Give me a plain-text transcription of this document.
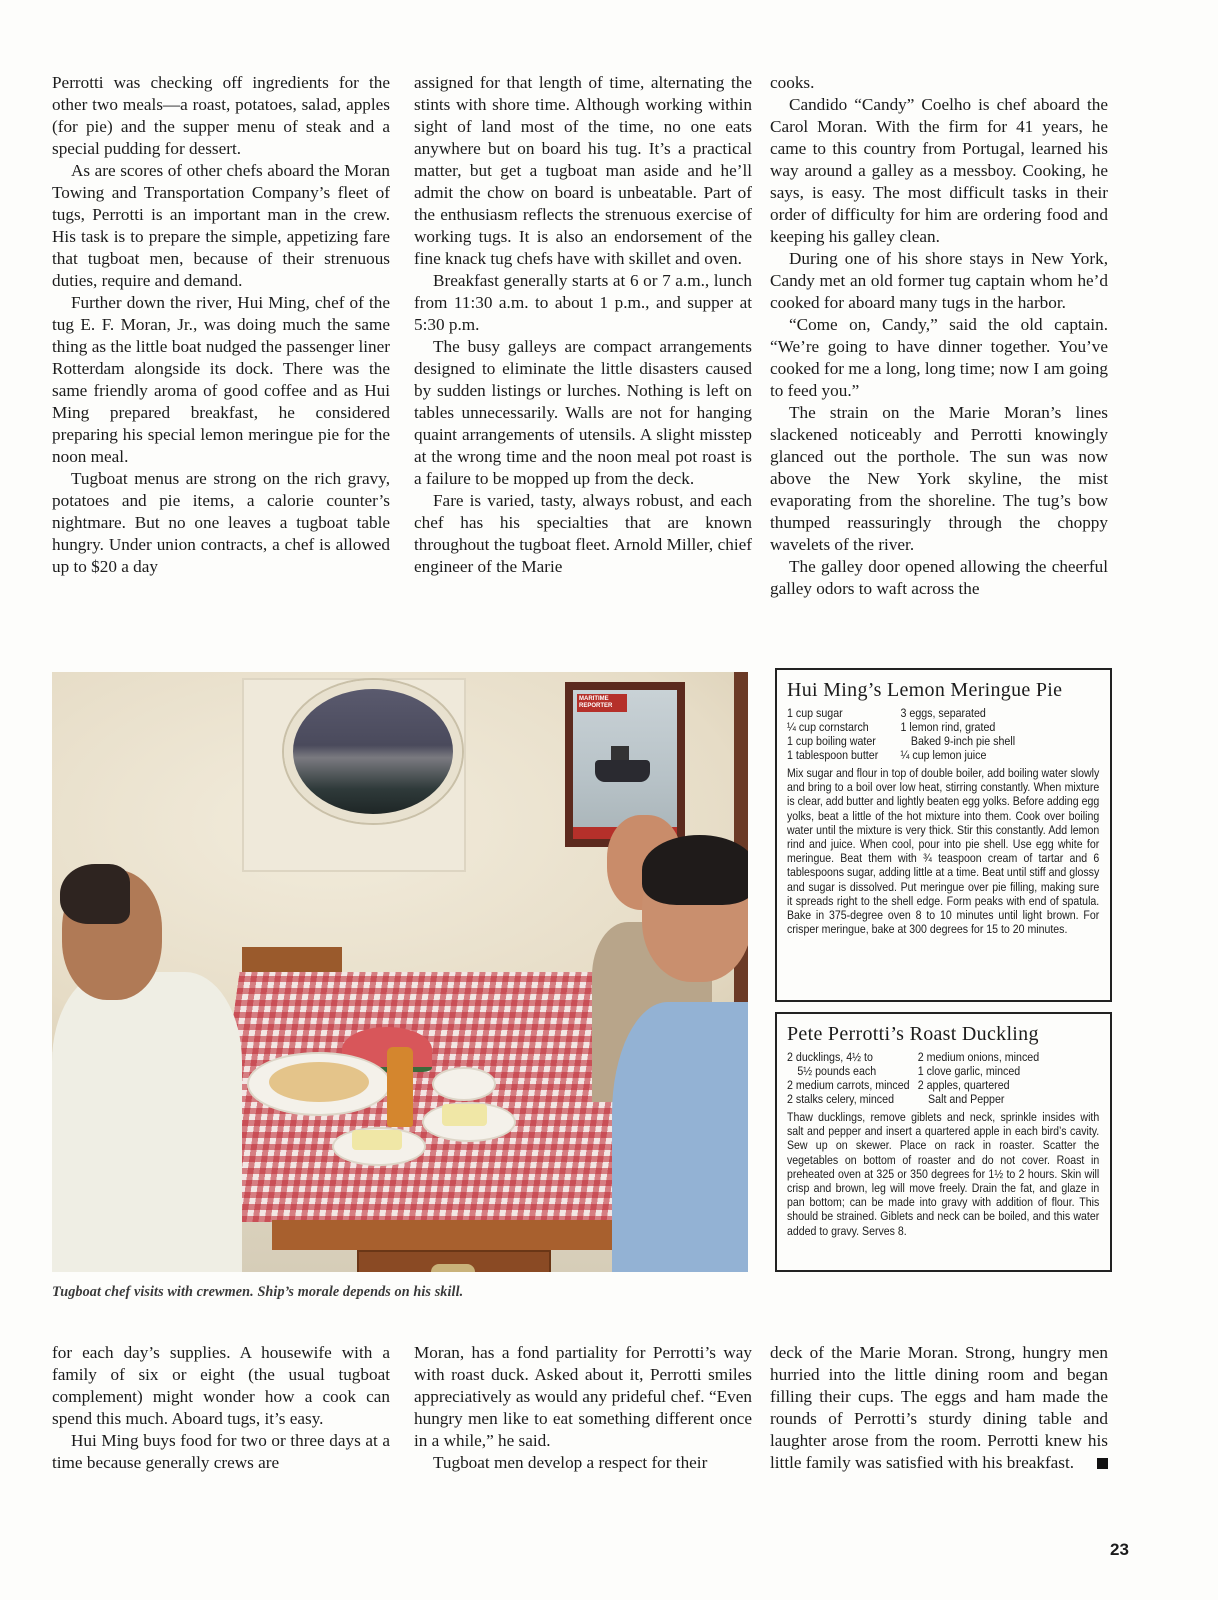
Perrotti was checking off ingredients for the other two meals—a roast, potatoes, salad, apples (for pie) and the supper menu of steak and a special pudding for dessert.

As are scores of other chefs aboard the Moran Towing and Transportation Company’s fleet of tugs, Perrotti is an important man in the crew. His task is to prepare the simple, appetizing fare that tugboat men, because of their strenuous duties, require and demand.

Further down the river, Hui Ming, chef of the tug E. F. Moran, Jr., was doing much the same thing as the little boat nudged the passenger liner Rotterdam alongside its dock. There was the same friendly aroma of good coffee and as Hui Ming prepared breakfast, he considered preparing his special lemon meringue pie for the noon meal.

Tugboat menus are strong on the rich gravy, potatoes and pie items, a calorie counter’s nightmare. But no one leaves a tugboat table hungry. Under union contracts, a chef is allowed up to $20 a day

assigned for that length of time, alternating the stints with shore time. Although working within sight of land most of the time, no one eats anywhere but on board his tug. It’s a practical matter, but get a tugboat man aside and he’ll admit the chow on board is unbeatable. Part of the enthusiasm reflects the strenuous exercise of working tugs. It is also an endorsement of the fine knack tug chefs have with skillet and oven.

Breakfast generally starts at 6 or 7 a.m., lunch from 11:30 a.m. to about 1 p.m., and supper at 5:30 p.m.

The busy galleys are compact arrangements designed to eliminate the little disasters caused by sudden listings or lurches. Nothing is left on tables unnecessarily. Walls are not for hanging quaint arrangements of utensils. A slight misstep at the wrong time and the noon meal pot roast is a failure to be mopped up from the deck.

Fare is varied, tasty, always robust, and each chef has his specialties that are known throughout the tugboat fleet. Arnold Miller, chief engineer of the Marie

cooks.

Candido “Candy” Coelho is chef aboard the Carol Moran. With the firm for 41 years, he came to this country from Portugal, learned his way around a galley as a messboy. Cooking, he says, is easy. The most difficult tasks in their order of difficulty for him are ordering food and keeping his galley clean.

During one of his shore stays in New York, Candy met an old former tug captain whom he’d cooked for aboard many tugs in the harbor.

“Come on, Candy,” said the old captain. “We’re going to have dinner together. You’ve cooked for me a long, long time; now I am going to feed you.”

The strain on the Marie Moran’s lines slackened noticeably and Perrotti knowingly glanced out the porthole. The sun was now above the New York skyline, the mist evaporating from the shoreline. The tug’s bow thumped reassuringly through the choppy wavelets of the river.

The galley door opened allowing the cheerful galley odors to waft across the

MARITIME REPORTER
Tugboat chef visits with crewmen. Ship’s morale depends on his skill.
Hui Ming’s Lemon Meringue Pie
1 cup sugar	3 eggs, separated
¼ cup cornstarch	1 lemon rind, grated
1 cup boiling water	Baked 9-inch pie shell
1 tablespoon butter	¼ cup lemon juice
Mix sugar and flour in top of double boiler, add boiling water slowly and bring to a boil over low heat, stirring constantly. When mixture is clear, add butter and lightly beaten egg yolks. Before adding egg yolks, beat a little of the hot mixture into them. Cook over boiling water until the mixture is very thick. Stir this constantly. Add lemon rind and juice. When cool, pour into pie shell. Use egg white for meringue. Beat them with ¾ teaspoon cream of tartar and 6 tablespoons sugar, adding little at a time. Beat until stiff and glossy and sugar is dissolved. Put meringue over pie filling, making sure it spreads right to the shell edge. Form peaks with end of spatula. Bake in 375-degree oven 8 to 10 minutes until light brown. For crisper meringue, bake at 300 degrees for 15 to 20 minutes.
Pete Perrotti’s Roast Duckling
2 ducklings, 4½ to	2 medium onions, minced
5½ pounds each	1 clove garlic, minced
2 medium carrots, minced 2 apples, quartered
2 stalks celery, minced	Salt and Pepper
Thaw ducklings, remove giblets and neck, sprinkle insides with salt and pepper and insert a quartered apple in each bird’s cavity. Sew up on skewer. Place on rack in roaster. Scatter the vegetables on bottom of roaster and do not cover. Roast in preheated oven at 325 or 350 degrees for 1½ to 2 hours. Skin will crisp and brown, leg will move freely. Drain the fat, and glaze in pan bottom; can be made into gravy with addition of flour. This should be strained. Giblets and neck can be boiled, and this water added to gravy. Serves 8.

for each day’s supplies. A housewife with a family of six or eight (the usual tugboat complement) might wonder how a cook can spend this much. Aboard tugs, it’s easy.

Hui Ming buys food for two or three days at a time because generally crews are

Moran, has a fond partiality for Perrotti’s way with roast duck. Asked about it, Perrotti smiles appreciatively as would any prideful chef. “Even hungry men like to eat something different once in a while,” he said.

Tugboat men develop a respect for their

deck of the Marie Moran. Strong, hungry men hurried into the little dining room and began filling their cups. The eggs and ham made the rounds of Perrotti’s sturdy dining table and laughter arose from the room. Perrotti knew his little family was satisfied with his breakfast.

23
